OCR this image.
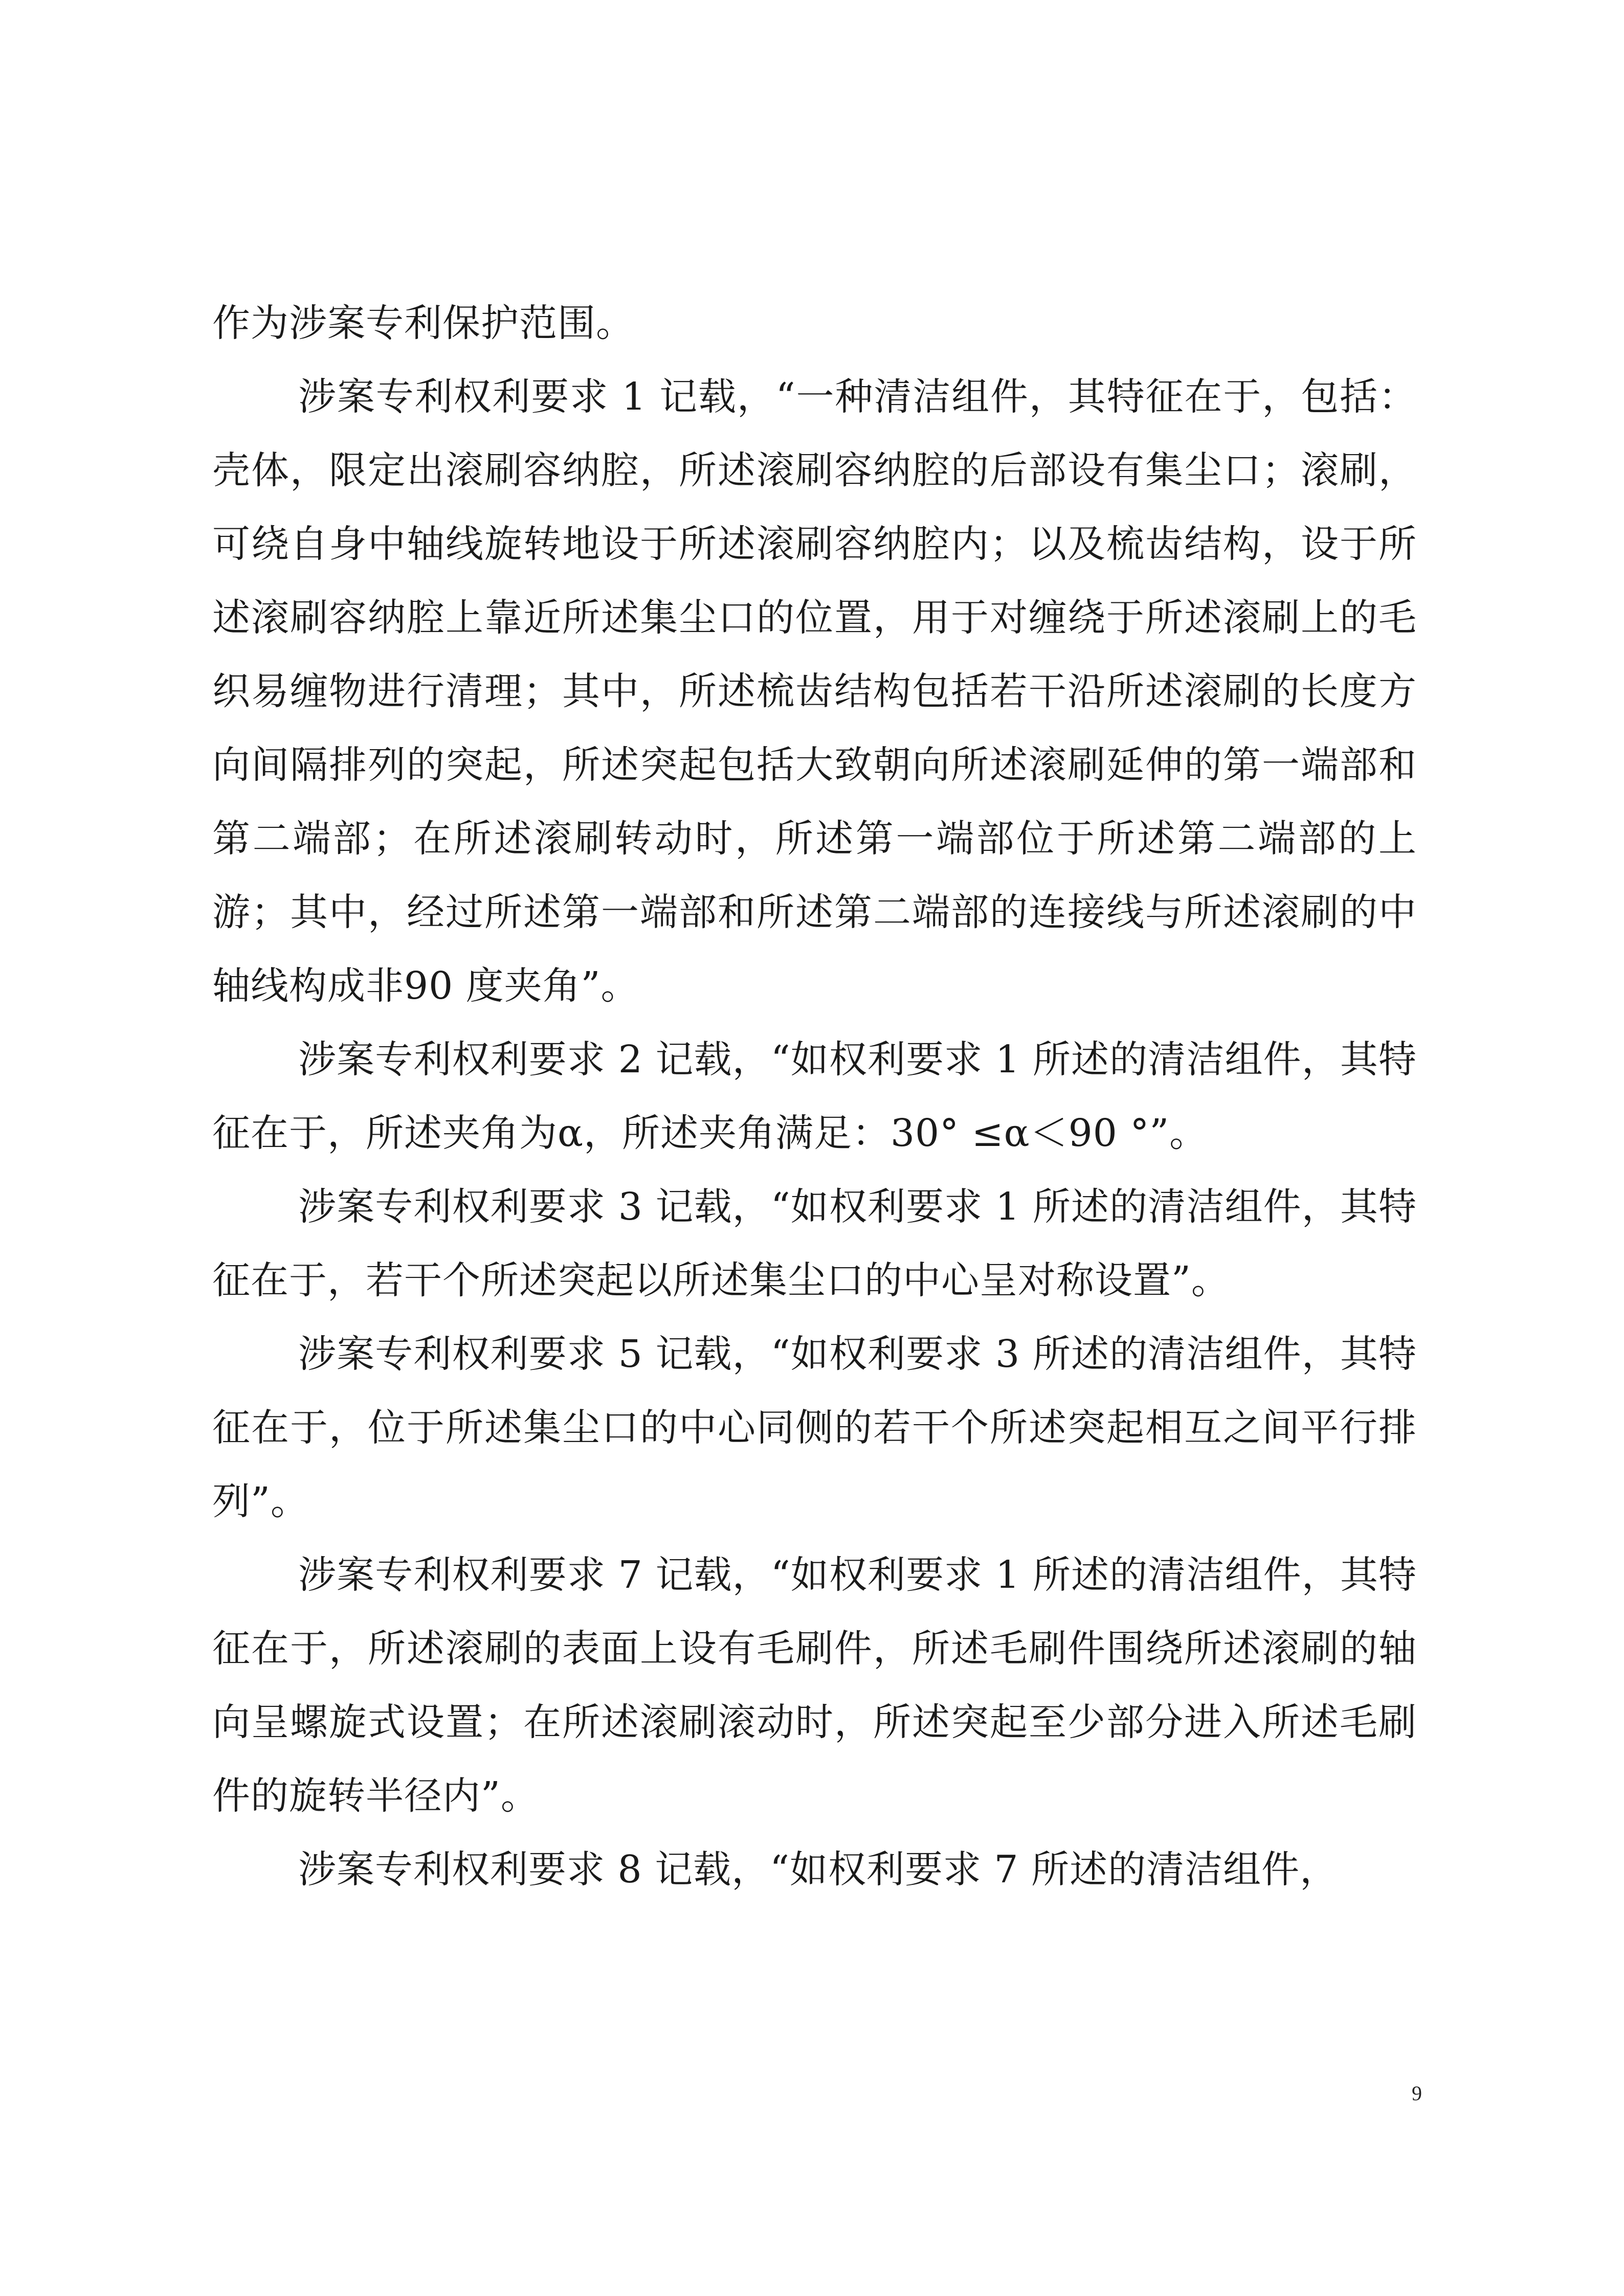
作为涉案专利保护范围。

涉案专利权利要求 1 记载，“一种清洁组件，其特征在于，包括：壳体，限定出滚刷容纳腔，所述滚刷容纳腔的后部设有集尘口；滚刷，可绕自身中轴线旋转地设于所述滚刷容纳腔内；以及梳齿结构，设于所述滚刷容纳腔上靠近所述集尘口的位置，用于对缠绕于所述滚刷上的毛织易缠物进行清理；其中，所述梳齿结构包括若干沿所述滚刷的长度方向间隔排列的突起，所述突起包括大致朝向所述滚刷延伸的第一端部和第二端部；在所述滚刷转动时，所述第一端部位于所述第二端部的上游；其中，经过所述第一端部和所述第二端部的连接线与所述滚刷的中轴线构成非90 度夹角”。

涉案专利权利要求 2 记载，“如权利要求 1 所述的清洁组件，其特征在于，所述夹角为α，所述夹角满足：30° ≤α＜90 °”。

涉案专利权利要求 3 记载，“如权利要求 1 所述的清洁组件，其特征在于，若干个所述突起以所述集尘口的中心呈对称设置”。

涉案专利权利要求 5 记载，“如权利要求 3 所述的清洁组件，其特征在于，位于所述集尘口的中心同侧的若干个所述突起相互之间平行排列”。

涉案专利权利要求 7 记载，“如权利要求 1 所述的清洁组件，其特征在于，所述滚刷的表面上设有毛刷件，所述毛刷件围绕所述滚刷的轴向呈螺旋式设置；在所述滚刷滚动时，所述突起至少部分进入所述毛刷件的旋转半径内”。

涉案专利权利要求 8 记载，“如权利要求 7 所述的清洁组件，

9
